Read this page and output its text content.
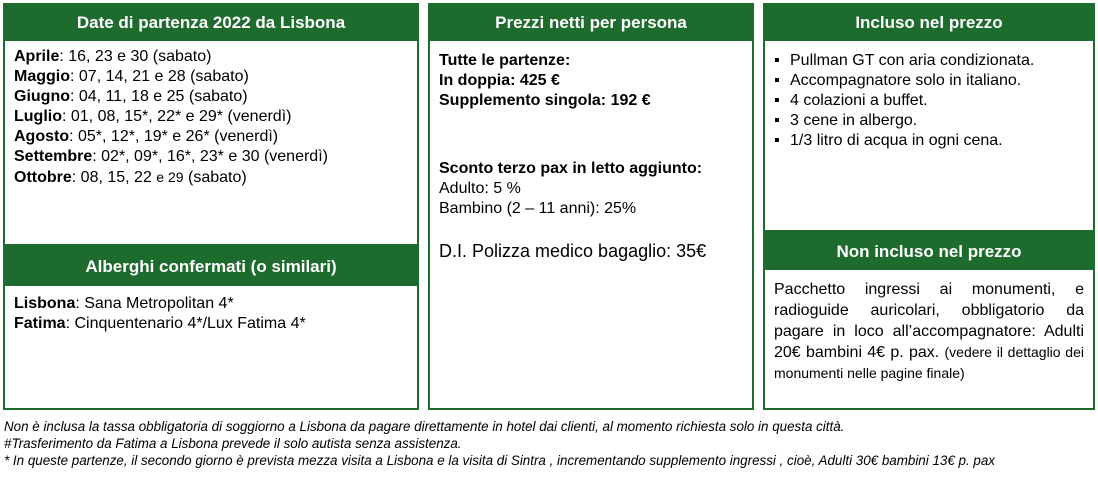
Date di partenza 2022 da Lisbona
Aprile: 16, 23 e 30 (sabato)
Maggio: 07, 14, 21 e 28 (sabato)
Giugno: 04, 11, 18 e 25 (sabato)
Luglio: 01, 08, 15*, 22* e 29* (venerdì)
Agosto: 05*, 12*, 19* e 26* (venerdì)
Settembre: 02*, 09*, 16*, 23* e 30 (venerdì)
Ottobre: 08, 15, 22 e 29 (sabato)
Alberghi confermati (o similari)
Lisbona: Sana Metropolitan 4*
Fatima: Cinquentenario 4*/Lux Fatima 4*
Prezzi netti per persona
Tutte le partenze:
In doppia: 425 €
Supplemento singola: 192 €
Sconto terzo pax in letto aggiunto:
Adulto: 5 %
Bambino (2 – 11 anni): 25%
D.I. Polizza medico bagaglio: 35€
Incluso nel prezzo
▪ Pullman GT con aria condizionata.
▪ Accompagnatore solo in italiano.
▪ 4 colazioni a buffet.
▪ 3 cene in albergo.
▪ 1/3 litro di acqua in ogni cena.
Non incluso nel prezzo
Pacchetto ingressi ai monumenti, e radioguide auricolari, obbligatorio da pagare in loco all’accompagnatore: Adulti 20€ bambini 4€ p. pax. (vedere il dettaglio dei monumenti nelle pagine finale)
Non è inclusa la tassa obbligatoria di soggiorno a Lisbona da pagare direttamente in hotel dai clienti, al momento richiesta solo in questa città.
#Trasferimento da Fatima a Lisbona prevede il solo autista senza assistenza.
* In queste partenze, il secondo giorno è prevista mezza visita a Lisbona e la visita di Sintra , incrementando supplemento ingressi , cioè, Adulti 30€ bambini 13€ p. pax
